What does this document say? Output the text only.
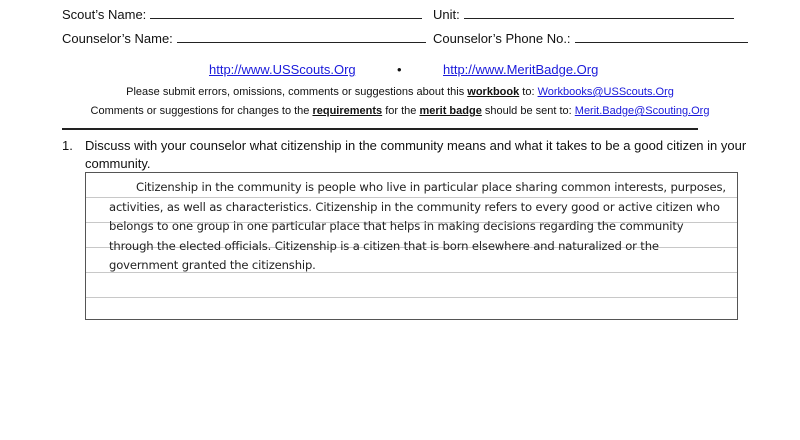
Scout’s Name:	Unit:
Counselor’s Name:	Counselor’s Phone No.:
http://www.USScouts.Org	•	http://www.MeritBadge.Org
Please submit errors, omissions, comments or suggestions about this workbook to: Workbooks@USScouts.Org
Comments or suggestions for changes to the requirements for the merit badge should be sent to: Merit.Badge@Scouting.Org
1. Discuss with your counselor what citizenship in the community means and what it takes to be a good citizen in your
community.
Citizenship in the community is people who live in particular place sharing common interests, purposes,
activities, as well as characteristics. Citizenship in the community refers to every good or active citizen who
belongs to one group in one particular place that helps in making decisions regarding the community
through the elected officials. Citizenship is a citizen that is born elsewhere and naturalized or the
government granted the citizenship.
